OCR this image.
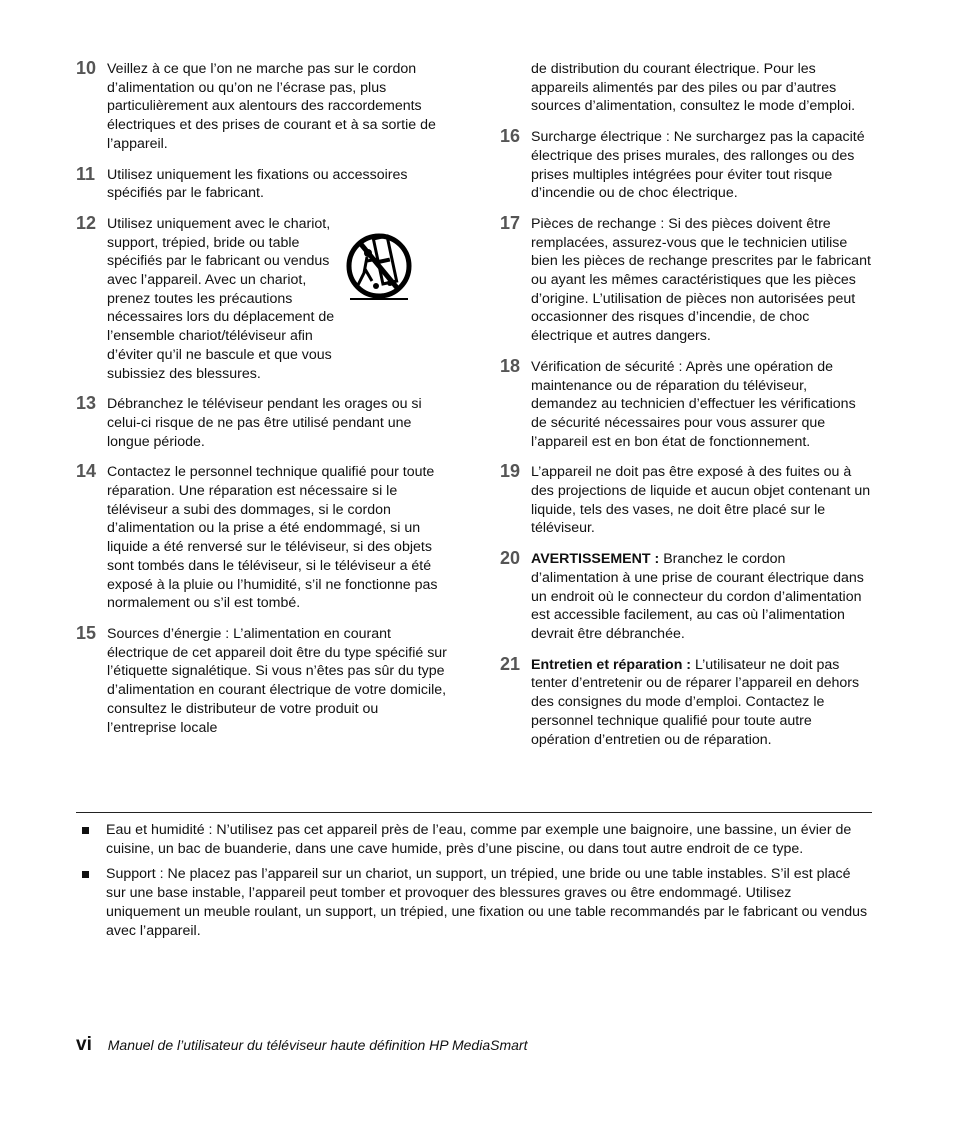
10 Veillez à ce que l’on ne marche pas sur le cordon d’alimentation ou qu’on ne l’écrase pas, plus particulièrement aux alentours des raccordements électriques et des prises de courant et à sa sortie de l’appareil.
11 Utilisez uniquement les fixations ou accessoires spécifiés par le fabricant.
12 Utilisez uniquement avec le chariot, support, trépied, bride ou table spécifiés par le fabricant ou vendus avec l’appareil. Avec un chariot, prenez toutes les précautions nécessaires lors du déplacement de l’ensemble chariot/téléviseur afin d’éviter qu’il ne bascule et que vous subissiez des blessures.
13 Débranchez le téléviseur pendant les orages ou si celui-ci risque de ne pas être utilisé pendant une longue période.
14 Contactez le personnel technique qualifié pour toute réparation. Une réparation est nécessaire si le téléviseur a subi des dommages, si le cordon d’alimentation ou la prise a été endommagé, si un liquide a été renversé sur le téléviseur, si des objets sont tombés dans le téléviseur, si le téléviseur a été exposé à la pluie ou l’humidité, s’il ne fonctionne pas normalement ou s’il est tombé.
15 Sources d’énergie : L’alimentation en courant électrique de cet appareil doit être du type spécifié sur l’étiquette signalétique. Si vous n’êtes pas sûr du type d’alimentation en courant électrique de votre domicile, consultez le distributeur de votre produit ou l’entreprise locale
de distribution du courant électrique. Pour les appareils alimentés par des piles ou par d’autres sources d’alimentation, consultez le mode d’emploi.
16 Surcharge électrique : Ne surchargez pas la capacité électrique des prises murales, des rallonges ou des prises multiples intégrées pour éviter tout risque d’incendie ou de choc électrique.
17 Pièces de rechange : Si des pièces doivent être remplacées, assurez-vous que le technicien utilise bien les pièces de rechange prescrites par le fabricant ou ayant les mêmes caractéristiques que les pièces d’origine. L’utilisation de pièces non autorisées peut occasionner des risques d’incendie, de choc électrique et autres dangers.
18 Vérification de sécurité : Après une opération de maintenance ou de réparation du téléviseur, demandez au technicien d’effectuer les vérifications de sécurité nécessaires pour vous assurer que l’appareil est en bon état de fonctionnement.
19 L’appareil ne doit pas être exposé à des fuites ou à des projections de liquide et aucun objet contenant un liquide, tels des vases, ne doit être placé sur le téléviseur.
20 AVERTISSEMENT : Branchez le cordon d’alimentation à une prise de courant électrique dans un endroit où le connecteur du cordon d’alimentation est accessible facilement, au cas où l’alimentation devrait être débranchée.
21 Entretien et réparation : L’utilisateur ne doit pas tenter d’entretenir ou de réparer l’appareil en dehors des consignes du mode d’emploi. Contactez le personnel technique qualifié pour toute autre opération d’entretien ou de réparation.
Eau et humidité : N’utilisez pas cet appareil près de l’eau, comme par exemple une baignoire, une bassine, un évier de cuisine, un bac de buanderie, dans une cave humide, près d’une piscine, ou dans tout autre endroit de ce type.
Support : Ne placez pas l’appareil sur un chariot, un support, un trépied, une bride ou une table instables. S’il est placé sur une base instable, l’appareil peut tomber et provoquer des blessures graves ou être endommagé. Utilisez uniquement un meuble roulant, un support, un trépied, une fixation ou une table recommandés par le fabricant ou vendus avec l’appareil.
vi Manuel de l’utilisateur du téléviseur haute définition HP MediaSmart
